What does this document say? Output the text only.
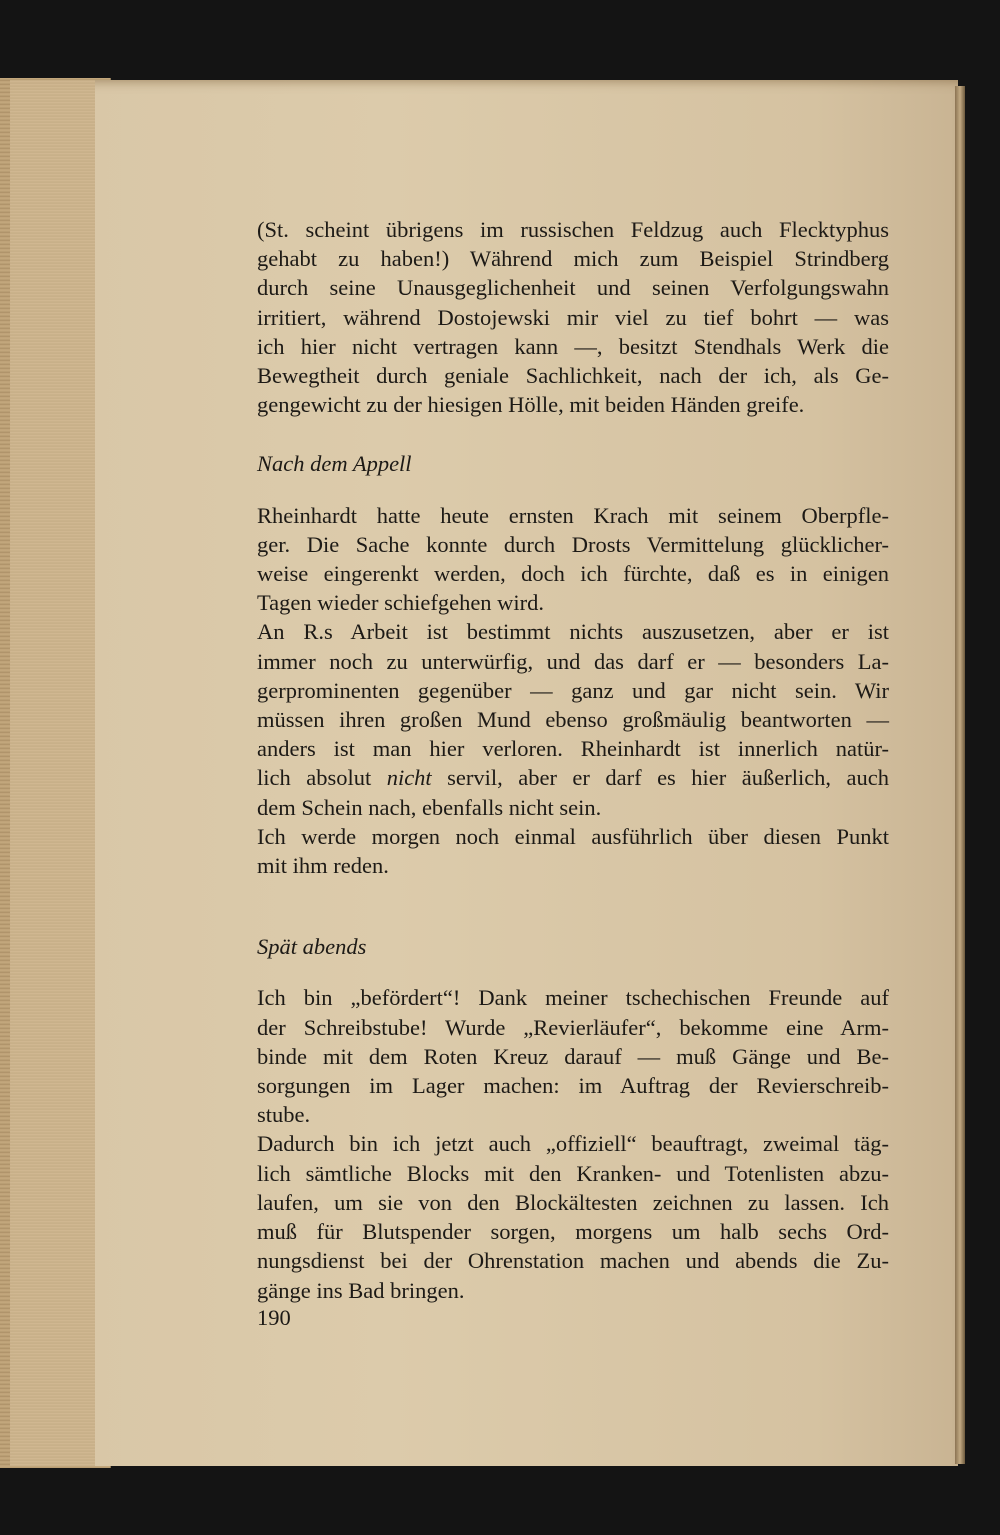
(St. scheint übrigens im russischen Feldzug auch Flecktyphus
gehabt zu haben!) Während mich zum Beispiel Strindberg
durch seine Unausgeglichenheit und seinen Verfolgungswahn
irritiert, während Dostojewski mir viel zu tief bohrt — was
ich hier nicht vertragen kann —, besitzt Stendhals Werk die
Bewegtheit durch geniale Sachlichkeit, nach der ich, als Ge-
gengewicht zu der hiesigen Hölle, mit beiden Händen greife.

Nach dem Appell

Rheinhardt hatte heute ernsten Krach mit seinem Oberpfle-
ger. Die Sache konnte durch Drosts Vermittelung glücklicher-
weise eingerenkt werden, doch ich fürchte, daß es in einigen
Tagen wieder schiefgehen wird.
An R.s Arbeit ist bestimmt nichts auszusetzen, aber er ist
immer noch zu unterwürfig, und das darf er — besonders La-
gerprominenten gegenüber — ganz und gar nicht sein. Wir
müssen ihren großen Mund ebenso großmäulig beantworten —
anders ist man hier verloren. Rheinhardt ist innerlich natür-
lich absolut nicht servil, aber er darf es hier äußerlich, auch
dem Schein nach, ebenfalls nicht sein.
Ich werde morgen noch einmal ausführlich über diesen Punkt
mit ihm reden.

Spät abends

Ich bin „befördert“! Dank meiner tschechischen Freunde auf
der Schreibstube! Wurde „Revierläufer“, bekomme eine Arm-
binde mit dem Roten Kreuz darauf — muß Gänge und Be-
sorgungen im Lager machen: im Auftrag der Revierschreib-
stube.
Dadurch bin ich jetzt auch „offiziell“ beauftragt, zweimal täg-
lich sämtliche Blocks mit den Kranken- und Totenlisten abzu-
laufen, um sie von den Blockältesten zeichnen zu lassen. Ich
muß für Blutspender sorgen, morgens um halb sechs Ord-
nungsdienst bei der Ohrenstation machen und abends die Zu-
gänge ins Bad bringen.
190
